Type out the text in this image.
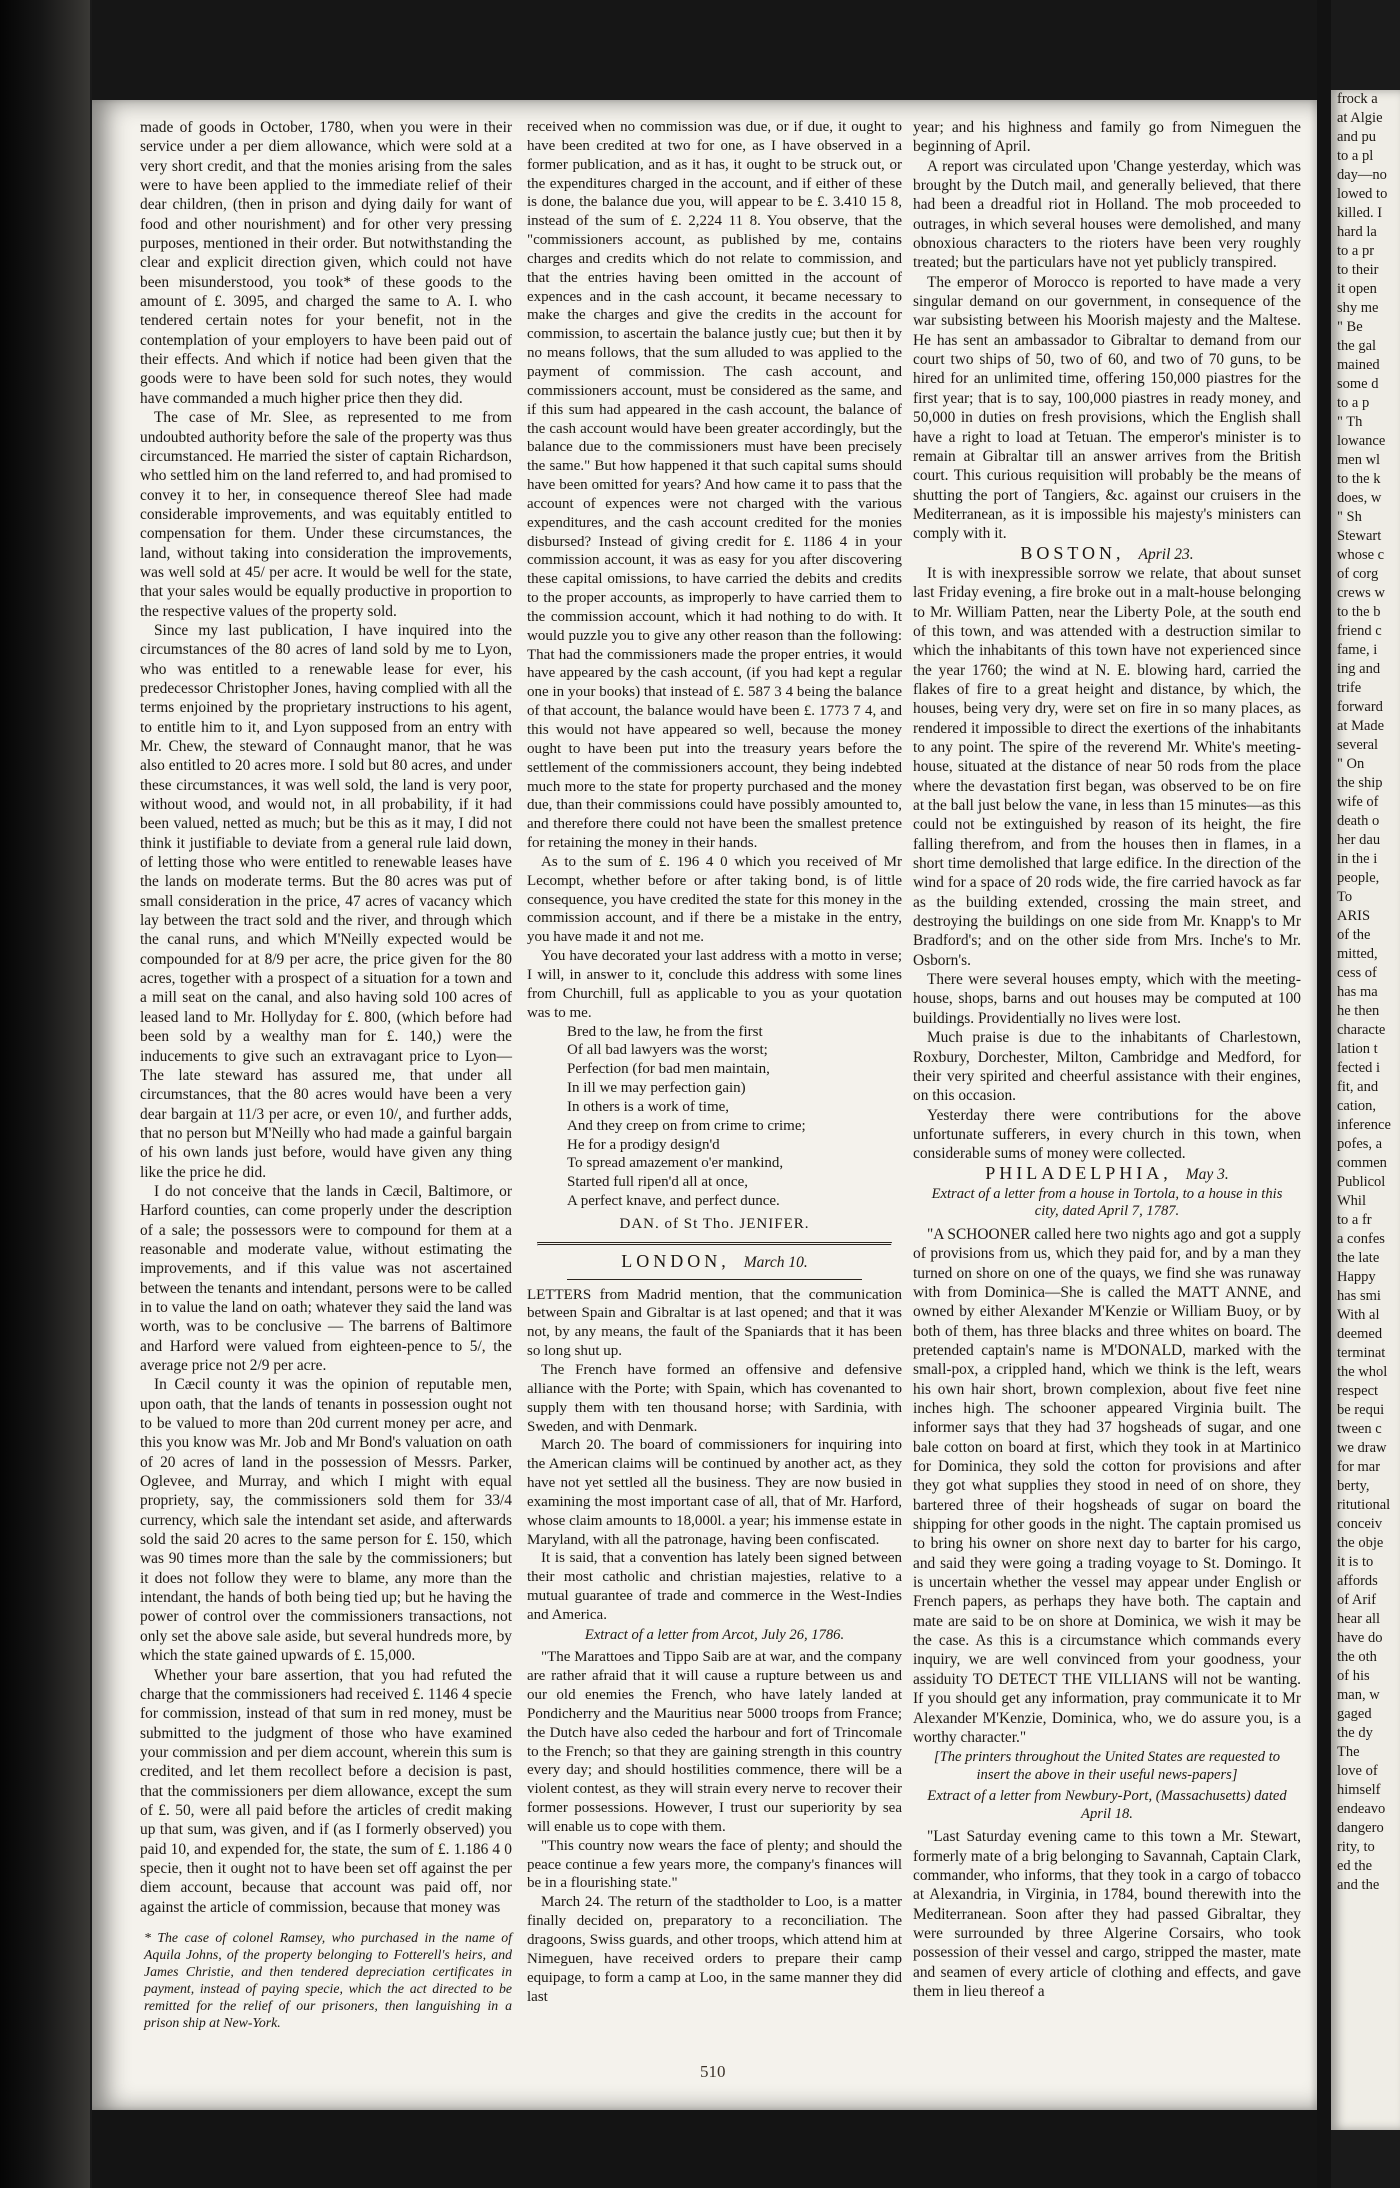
frock a

at Algie

and pu

to a pl

day—no

lowed to

killed. I

hard la

to a pr

to their

it open

shy me

" Be

the gal

mained

some d

to a p

" Th

lowance

men wl

to the k

does, w

" Sh

Stewart

whose c

of corg

crews w

to the b

friend c

fame, i

ing and

trife

forward

at Made

several

" On

the ship

wife of

death o

her dau

in the i

people,

To

ARIS

of the

mitted,

cess of

has ma

he then

characte

lation t

fected i

fit, and

cation,

inference

pofes, a

commen

Publicol

Whil

to a fr

a confes

the late

Happy

has smi

With al

deemed

terminat

the whol

respect

be requi

tween c

we draw

for mar

berty,

ritutional

conceiv

the obje

it is to

affords

of Arif

hear all

have do

the oth

of his

man, w

gaged

the dy

The

love of

himself

endeavo

dangero

rity, to

ed the

and the

made of goods in October, 1780, when you were in their service under a per diem allowance, which were sold at a very short credit, and that the monies arising from the sales were to have been applied to the immediate relief of their dear children, (then in prison and dying daily for want of food and other nourishment) and for other very pressing purposes, mentioned in their order. But notwithstanding the clear and explicit direction given, which could not have been misunderstood, you took* of these goods to the amount of £. 3095, and charged the same to A. I. who tendered certain notes for your benefit, not in the contemplation of your employers to have been paid out of their effects. And which if notice had been given that the goods were to have been sold for such notes, they would have commanded a much higher price then they did.

The case of Mr. Slee, as represented to me from undoubted authority before the sale of the property was thus circumstanced. He married the sister of captain Richardson, who settled him on the land referred to, and had promised to convey it to her, in consequence thereof Slee had made considerable improvements, and was equitably entitled to compensation for them. Under these circumstances, the land, without taking into consideration the improvements, was well sold at 45/ per acre. It would be well for the state, that your sales would be equally productive in proportion to the respective values of the property sold.

Since my last publication, I have inquired into the circumstances of the 80 acres of land sold by me to Lyon, who was entitled to a renewable lease for ever, his predecessor Christopher Jones, having complied with all the terms enjoined by the proprietary instructions to his agent, to entitle him to it, and Lyon supposed from an entry with Mr. Chew, the steward of Connaught manor, that he was also entitled to 20 acres more. I sold but 80 acres, and under these circumstances, it was well sold, the land is very poor, without wood, and would not, in all probability, if it had been valued, netted as much; but be this as it may, I did not think it justifiable to deviate from a general rule laid down, of letting those who were entitled to renewable leases have the lands on moderate terms. But the 80 acres was put of small consideration in the price, 47 acres of vacancy which lay between the tract sold and the river, and through which the canal runs, and which M'Neilly expected would be compounded for at 8/9 per acre, the price given for the 80 acres, together with a prospect of a situation for a town and a mill seat on the canal, and also having sold 100 acres of leased land to Mr. Hollyday for £. 800, (which before had been sold by a wealthy man for £. 140,) were the inducements to give such an extravagant price to Lyon—The late steward has assured me, that under all circumstances, that the 80 acres would have been a very dear bargain at 11/3 per acre, or even 10/, and further adds, that no person but M'Neilly who had made a gainful bargain of his own lands just before, would have given any thing like the price he did.

I do not conceive that the lands in Cæcil, Baltimore, or Harford counties, can come properly under the description of a sale; the possessors were to compound for them at a reasonable and moderate value, without estimating the improvements, and if this value was not ascertained between the tenants and intendant, persons were to be called in to value the land on oath; whatever they said the land was worth, was to be conclusive — The barrens of Baltimore and Harford were valued from eighteen-pence to 5/, the average price not 2/9 per acre.

In Cæcil county it was the opinion of reputable men, upon oath, that the lands of tenants in possession ought not to be valued to more than 20d current money per acre, and this you know was Mr. Job and Mr Bond's valuation on oath of 20 acres of land in the possession of Messrs. Parker, Oglevee, and Murray, and which I might with equal propriety, say, the commissioners sold them for 33/4 currency, which sale the intendant set aside, and afterwards sold the said 20 acres to the same person for £. 150, which was 90 times more than the sale by the commissioners; but it does not follow they were to blame, any more than the intendant, the hands of both being tied up; but he having the power of control over the commissioners transactions, not only set the above sale aside, but several hundreds more, by which the state gained upwards of £. 15,000.

Whether your bare assertion, that you had refuted the charge that the commissioners had received £. 1146 4 specie for commission, instead of that sum in red money, must be submitted to the judgment of those who have examined your commission and per diem account, wherein this sum is credited, and let them recollect before a decision is past, that the commissioners per diem allowance, except the sum of £. 50, were all paid before the articles of credit making up that sum, was given, and if (as I formerly observed) you paid 10, and expended for, the state, the sum of £. 1.186 4 0 specie, then it ought not to have been set off against the per diem account, because that account was paid off, nor against the article of commission, because that money was

* The case of colonel Ramsey, who purchased in the name of Aquila Johns, of the property belonging to Fotterell's heirs, and James Christie, and then tendered depreciation certificates in payment, instead of paying specie, which the act directed to be remitted for the relief of our prisoners, then languishing in a prison ship at New-York.

received when no commission was due, or if due, it ought to have been credited at two for one, as I have observed in a former publication, and as it has, it ought to be struck out, or the expenditures charged in the account, and if either of these is done, the balance due you, will appear to be £. 3.410 15 8, instead of the sum of £. 2,224 11 8. You observe, that the "commissioners account, as published by me, contains charges and credits which do not relate to commission, and that the entries having been omitted in the account of expences and in the cash account, it became necessary to make the charges and give the credits in the account for commission, to ascertain the balance justly cue; but then it by no means follows, that the sum alluded to was applied to the payment of commission. The cash account, and commissioners account, must be considered as the same, and if this sum had appeared in the cash account, the balance of the cash account would have been greater accordingly, but the balance due to the commissioners must have been precisely the same." But how happened it that such capital sums should have been omitted for years? And how came it to pass that the account of expences were not charged with the various expenditures, and the cash account credited for the monies disbursed? Instead of giving credit for £. 1186 4 in your commission account, it was as easy for you after discovering these capital omissions, to have carried the debits and credits to the proper accounts, as improperly to have carried them to the commission account, which it had nothing to do with. It would puzzle you to give any other reason than the following: That had the commissioners made the proper entries, it would have appeared by the cash account, (if you had kept a regular one in your books) that instead of £. 587 3 4 being the balance of that account, the balance would have been £. 1773 7 4, and this would not have appeared so well, because the money ought to have been put into the treasury years before the settlement of the commissioners account, they being indebted much more to the state for property purchased and the money due, than their commissions could have possibly amounted to, and therefore there could not have been the smallest pretence for retaining the money in their hands.

As to the sum of £. 196 4 0 which you received of Mr Lecompt, whether before or after taking bond, is of little consequence, you have credited the state for this money in the commission account, and if there be a mistake in the entry, you have made it and not me.

You have decorated your last address with a motto in verse; I will, in answer to it, conclude this address with some lines from Churchill, full as applicable to you as your quotation was to me.

Bred to the law, he from the first

Of all bad lawyers was the worst;

Perfection (for bad men maintain,

In ill we may perfection gain)

In others is a work of time,

And they creep on from crime to crime;

He for a prodigy design'd

To spread amazement o'er mankind,

Started full ripen'd all at once,

A perfect knave, and perfect dunce.

DAN. of St Tho. JENIFER.

LONDON, March 10.

LETTERS from Madrid mention, that the communication between Spain and Gibraltar is at last opened; and that it was not, by any means, the fault of the Spaniards that it has been so long shut up.

The French have formed an offensive and defensive alliance with the Porte; with Spain, which has covenanted to supply them with ten thousand horse; with Sardinia, with Sweden, and with Denmark.

March 20. The board of commissioners for inquiring into the American claims will be continued by another act, as they have not yet settled all the business. They are now busied in examining the most important case of all, that of Mr. Harford, whose claim amounts to 18,000l. a year; his immense estate in Maryland, with all the patronage, having been confiscated.

It is said, that a convention has lately been signed between their most catholic and christian majesties, relative to a mutual guarantee of trade and commerce in the West-Indies and America.

Extract of a letter from Arcot, July 26, 1786.

"The Marattoes and Tippo Saib are at war, and the company are rather afraid that it will cause a rupture between us and our old enemies the French, who have lately landed at Pondicherry and the Mauritius near 5000 troops from France; the Dutch have also ceded the harbour and fort of Trincomale to the French; so that they are gaining strength in this country every day; and should hostilities commence, there will be a violent contest, as they will strain every nerve to recover their former possessions. However, I trust our superiority by sea will enable us to cope with them.

"This country now wears the face of plenty; and should the peace continue a few years more, the company's finances will be in a flourishing state."

March 24. The return of the stadtholder to Loo, is a matter finally decided on, preparatory to a reconciliation. The dragoons, Swiss guards, and other troops, which attend him at Nimeguen, have received orders to prepare their camp equipage, to form a camp at Loo, in the same manner they did last

year; and his highness and family go from Nimeguen the beginning of April.

A report was circulated upon 'Change yesterday, which was brought by the Dutch mail, and generally believed, that there had been a dreadful riot in Holland. The mob proceeded to outrages, in which several houses were demolished, and many obnoxious characters to the rioters have been very roughly treated; but the particulars have not yet publicly transpired.

The emperor of Morocco is reported to have made a very singular demand on our government, in consequence of the war subsisting between his Moorish majesty and the Maltese. He has sent an ambassador to Gibraltar to demand from our court two ships of 50, two of 60, and two of 70 guns, to be hired for an unlimited time, offering 150,000 piastres for the first year; that is to say, 100,000 piastres in ready money, and 50,000 in duties on fresh provisions, which the English shall have a right to load at Tetuan. The emperor's minister is to remain at Gibraltar till an answer arrives from the British court. This curious requisition will probably be the means of shutting the port of Tangiers, &c. against our cruisers in the Mediterranean, as it is impossible his majesty's ministers can comply with it.

BOSTON, April 23.

It is with inexpressible sorrow we relate, that about sunset last Friday evening, a fire broke out in a malt-house belonging to Mr. William Patten, near the Liberty Pole, at the south end of this town, and was attended with a destruction similar to which the inhabitants of this town have not experienced since the year 1760; the wind at N. E. blowing hard, carried the flakes of fire to a great height and distance, by which, the houses, being very dry, were set on fire in so many places, as rendered it impossible to direct the exertions of the inhabitants to any point. The spire of the reverend Mr. White's meeting-house, situated at the distance of near 50 rods from the place where the devastation first began, was observed to be on fire at the ball just below the vane, in less than 15 minutes—as this could not be extinguished by reason of its height, the fire falling therefrom, and from the houses then in flames, in a short time demolished that large edifice. In the direction of the wind for a space of 20 rods wide, the fire carried havock as far as the building extended, crossing the main street, and destroying the buildings on one side from Mr. Knapp's to Mr Bradford's; and on the other side from Mrs. Inche's to Mr. Osborn's.

There were several houses empty, which with the meeting-house, shops, barns and out houses may be computed at 100 buildings. Providentially no lives were lost.

Much praise is due to the inhabitants of Charlestown, Roxbury, Dorchester, Milton, Cambridge and Medford, for their very spirited and cheerful assistance with their engines, on this occasion.

Yesterday there were contributions for the above unfortunate sufferers, in every church in this town, when considerable sums of money were collected.

PHILADELPHIA, May 3.

Extract of a letter from a house in Tortola, to a house in this city, dated April 7, 1787.

"A SCHOONER called here two nights ago and got a supply of provisions from us, which they paid for, and by a man they turned on shore on one of the quays, we find she was runaway with from Dominica—She is called the MATT ANNE, and owned by either Alexander M'Kenzie or William Buoy, or by both of them, has three blacks and three whites on board. The pretended captain's name is M'DONALD, marked with the small-pox, a crippled hand, which we think is the left, wears his own hair short, brown complexion, about five feet nine inches high. The schooner appeared Virginia built. The informer says that they had 37 hogsheads of sugar, and one bale cotton on board at first, which they took in at Martinico for Dominica, they sold the cotton for provisions and after they got what supplies they stood in need of on shore, they bartered three of their hogsheads of sugar on board the shipping for other goods in the night. The captain promised us to bring his owner on shore next day to barter for his cargo, and said they were going a trading voyage to St. Domingo. It is uncertain whether the vessel may appear under English or French papers, as perhaps they have both. The captain and mate are said to be on shore at Dominica, we wish it may be the case. As this is a circumstance which commands every inquiry, we are well convinced from your goodness, your assiduity TO DETECT THE VILLIANS will not be wanting. If you should get any information, pray communicate it to Mr Alexander M'Kenzie, Dominica, who, we do assure you, is a worthy character."

[The printers throughout the United States are requested to insert the above in their useful news-papers]

Extract of a letter from Newbury-Port, (Massachusetts) dated April 18.

"Last Saturday evening came to this town a Mr. Stewart, formerly mate of a brig belonging to Savannah, Captain Clark, commander, who informs, that they took in a cargo of tobacco at Alexandria, in Virginia, in 1784, bound therewith into the Mediterranean. Soon after they had passed Gibraltar, they were surrounded by three Algerine Corsairs, who took possession of their vessel and cargo, stripped the master, mate and seamen of every article of clothing and effects, and gave them in lieu thereof a

510
